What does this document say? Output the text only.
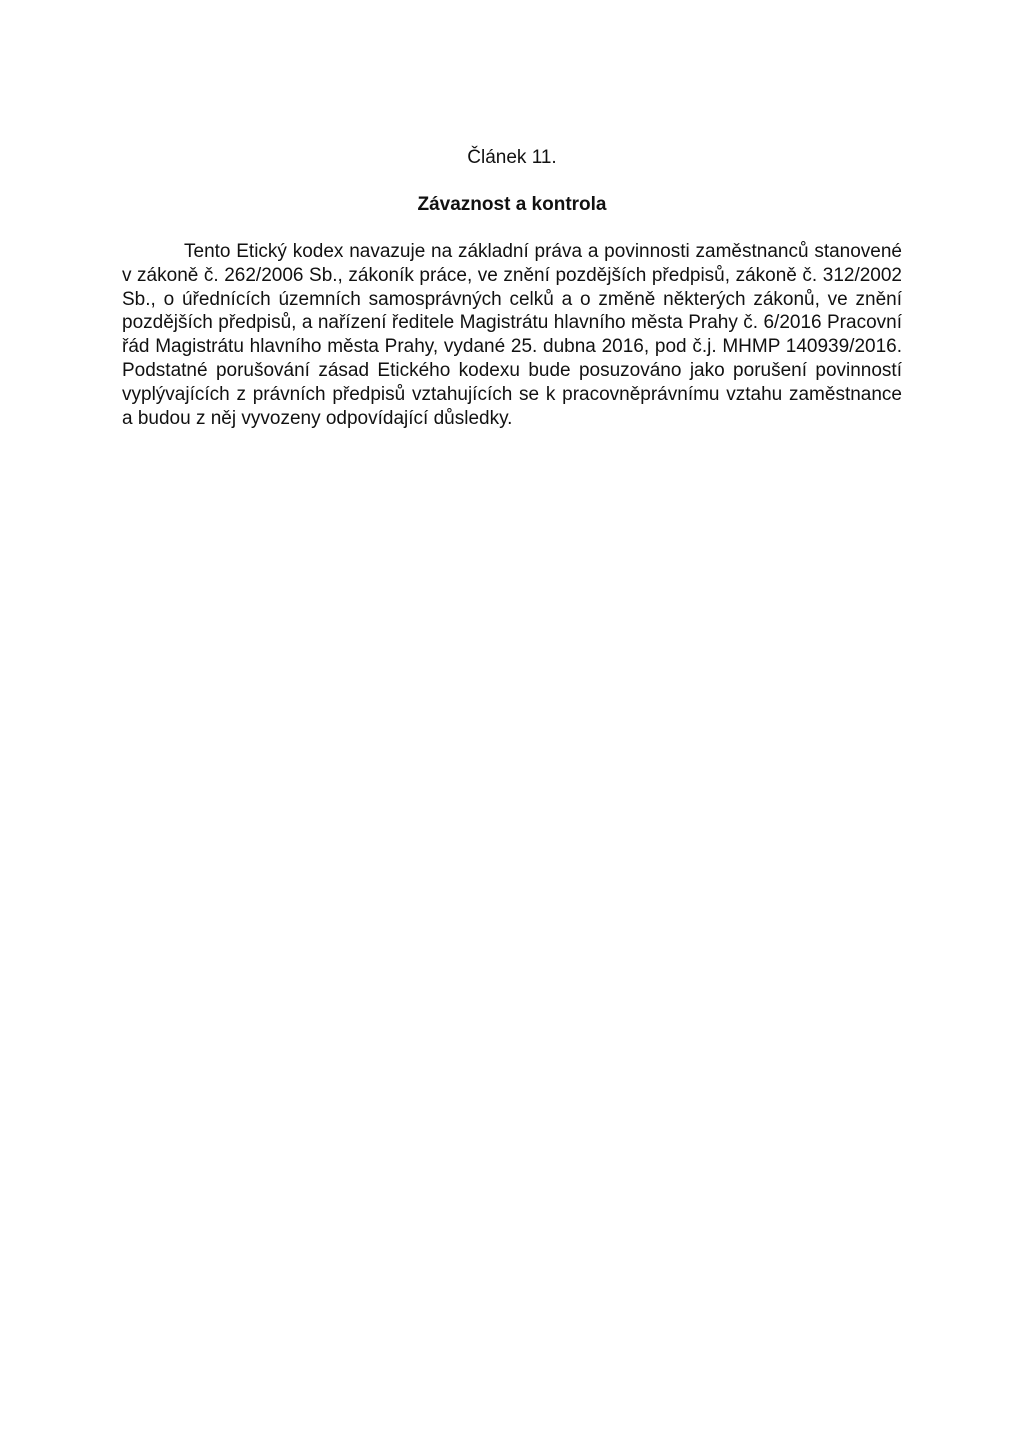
Článek 11.
Závaznost a kontrola

Tento Etický kodex navazuje na základní práva a povinnosti zaměstnanců stanovené v zákoně č. 262/2006 Sb., zákoník práce, ve znění pozdějších předpisů, zákoně č. 312/2002 Sb., o úřednících územních samosprávných celků a o změně některých zákonů, ve znění pozdějších předpisů, a nařízení ředitele Magistrátu hlavního města Prahy č. 6/2016 Pracovní řád Magistrátu hlavního města Prahy, vydané 25. dubna 2016, pod č.j. MHMP 140939/2016. Podstatné porušování zásad Etického kodexu bude posuzováno jako porušení povinností vyplývajících z právních předpisů vztahujících se k pracovněprávnímu vztahu zaměstnance a budou z něj vyvozeny odpovídající důsledky.
